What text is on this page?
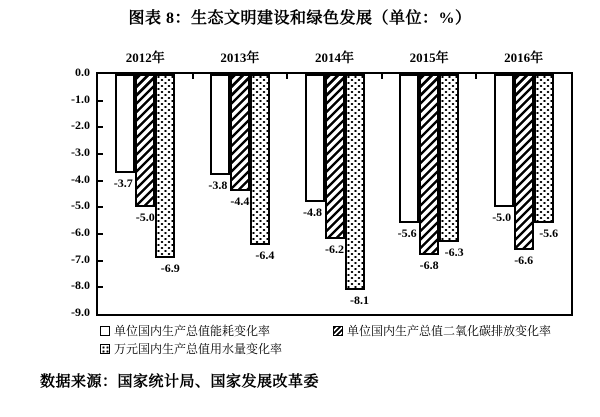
图表 8：生态文明建设和绿色发展（单位：%）
2012年
-3.7
-5.0
-6.9
2013年
-3.8
-4.4
-6.4
2014年
-4.8
-6.2
-8.1
2015年
-5.6
-6.8
-6.3
2016年
-5.0
-6.6
-5.6
0.0
-1.0
-2.0
-3.0
-4.0
-5.0
-6.0
-7.0
-8.0
-9.0
单位国内生产总值能耗变化率	单位国内生产总值二氧化碳排放变化率
万元国内生产总值用水量变化率
数据来源：国家统计局、国家发展改革委
